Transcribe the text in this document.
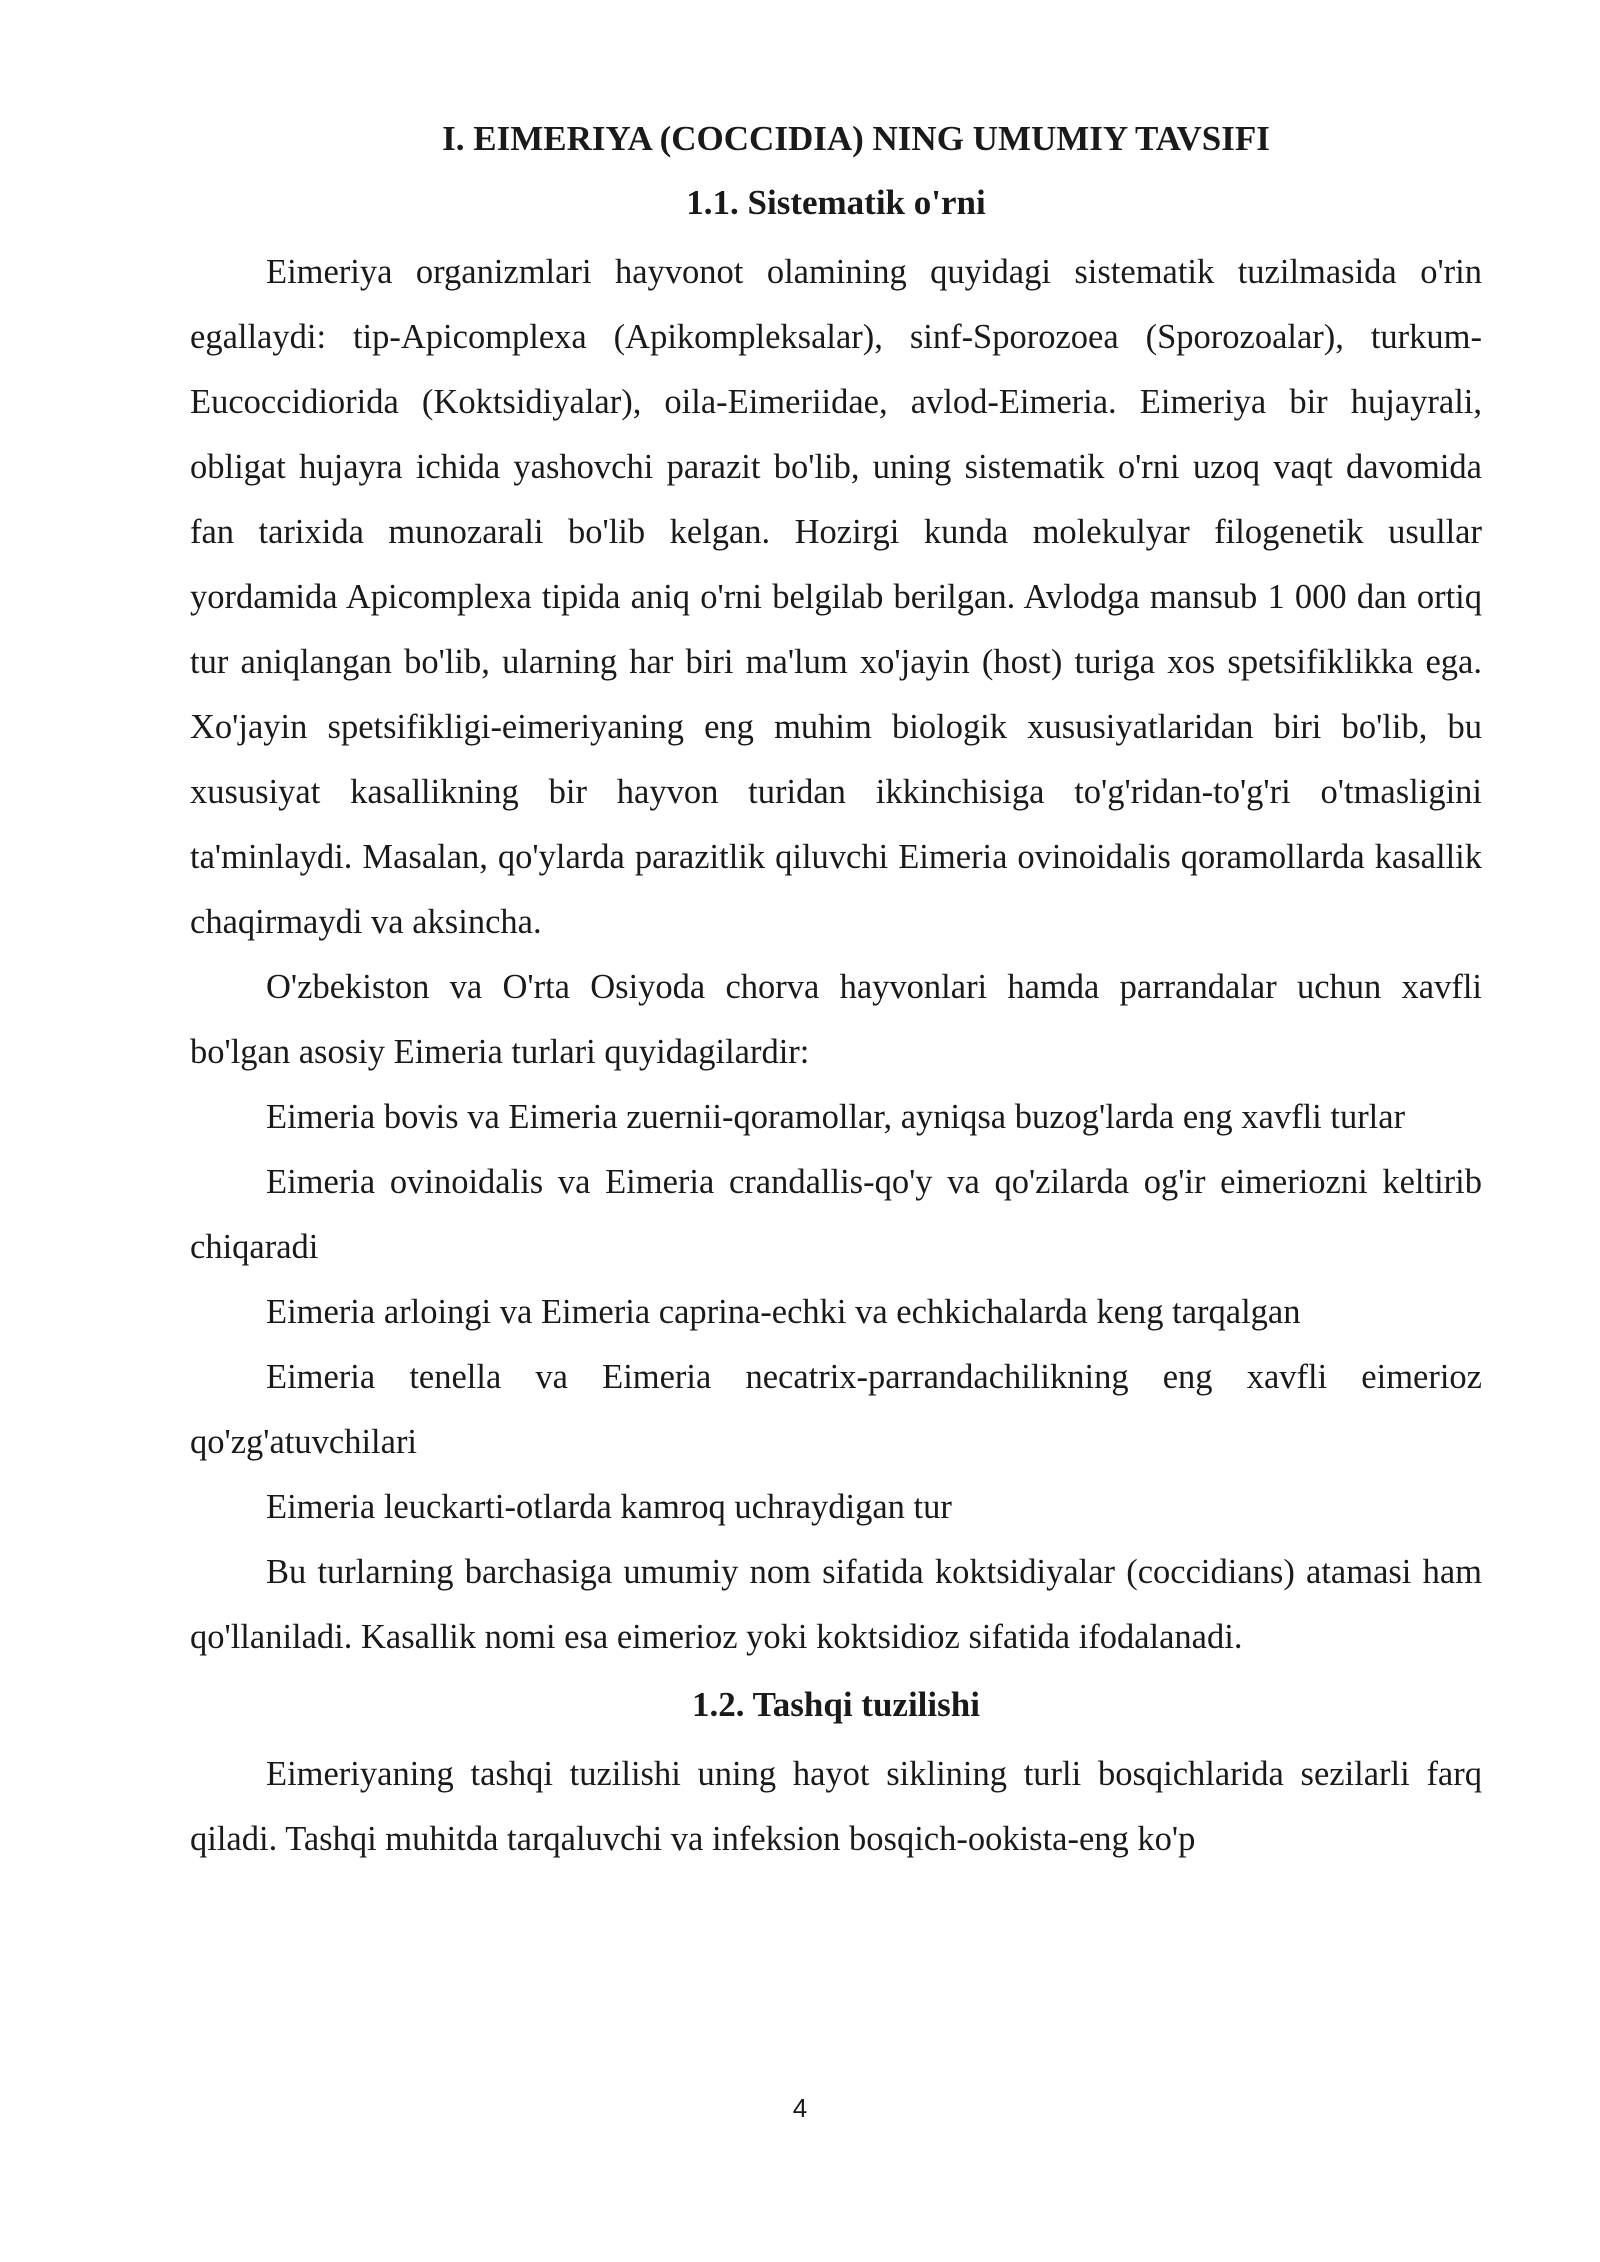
I. EIMERIYA (COCCIDIA) NING UMUMIY TAVSIFI
1.1. Sistematik o'rni

Eimeriya organizmlari hayvonot olamining quyidagi sistematik tuzilmasida o'rin egallaydi: tip-Apicomplexa (Apikompleksalar), sinf-Sporozoea (Sporozoalar), turkum-Eucoccidiorida (Koktsidiyalar), oila-Eimeriidae, avlod-Eimeria. Eimeriya bir hujayrali, obligat hujayra ichida yashovchi parazit bo'lib, uning sistematik o'rni uzoq vaqt davomida fan tarixida munozarali bo'lib kelgan. Hozirgi kunda molekulyar filogenetik usullar yordamida Apicomplexa tipida aniq o'rni belgilab berilgan. Avlodga mansub 1 000 dan ortiq tur aniqlangan bo'lib, ularning har biri ma'lum xo'jayin (host) turiga xos spetsifiklikka ega. Xo'jayin spetsifikligi-eimeriyaning eng muhim biologik xususiyatlaridan biri bo'lib, bu xususiyat kasallikning bir hayvon turidan ikkinchisiga to'g'ridan-to'g'ri o'tmasligini ta'minlaydi. Masalan, qo'ylarda parazitlik qiluvchi Eimeria ovinoidalis qoramollarda kasallik chaqirmaydi va aksincha.

O'zbekiston va O'rta Osiyoda chorva hayvonlari hamda parrandalar uchun xavfli bo'lgan asosiy Eimeria turlari quyidagilardir:

Eimeria bovis va Eimeria zuernii-qoramollar, ayniqsa buzog'larda eng xavfli turlar

Eimeria ovinoidalis va Eimeria crandallis-qo'y va qo'zilarda og'ir eimeriozni keltirib chiqaradi

Eimeria arloingi va Eimeria caprina-echki va echkichalarda keng tarqalgan

Eimeria tenella va Eimeria necatrix-parrandachilikning eng xavfli eimerioz qo'zg'atuvchilari

Eimeria leuckarti-otlarda kamroq uchraydigan tur

Bu turlarning barchasiga umumiy nom sifatida koktsidiyalar (coccidians) atamasi ham qo'llaniladi. Kasallik nomi esa eimerioz yoki koktsidioz sifatida ifodalanadi.

1.2. Tashqi tuzilishi

Eimeriyaning tashqi tuzilishi uning hayot siklining turli bosqichlarida sezilarli farq qiladi. Tashqi muhitda tarqaluvchi va infeksion bosqich-ookista-eng ko'p

4
